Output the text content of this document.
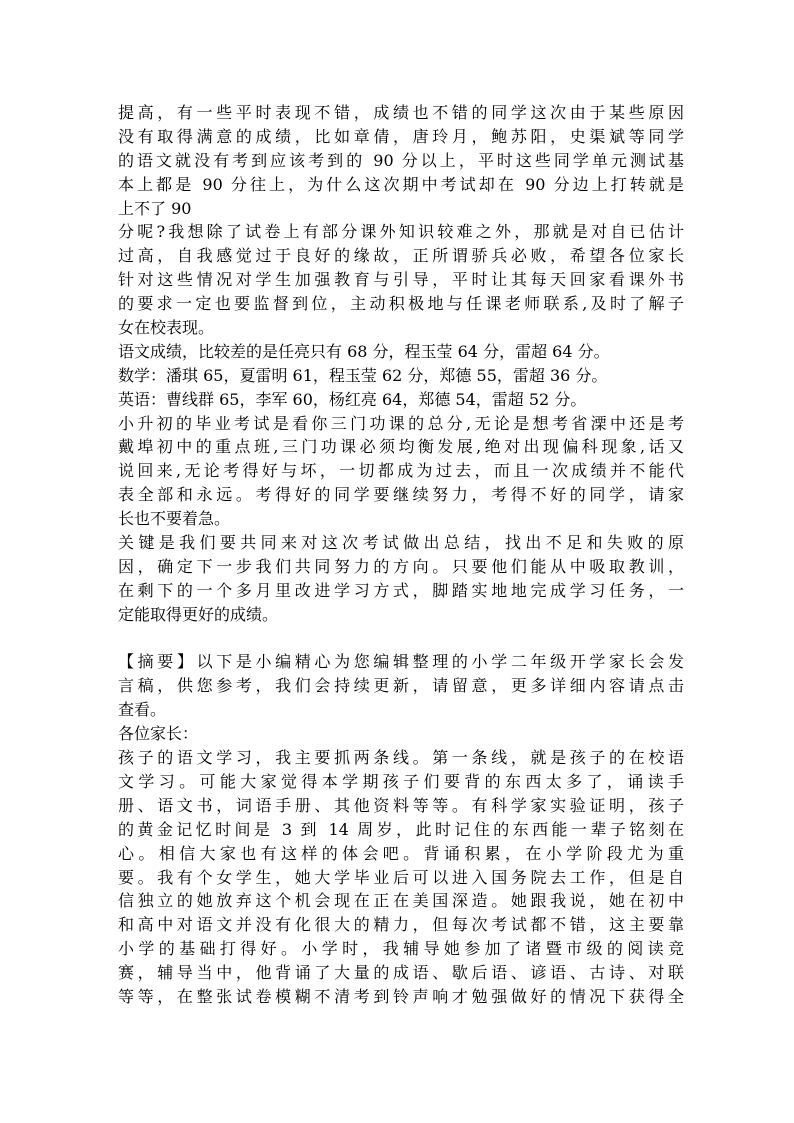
提高，有一些平时表现不错，成绩也不错的同学这次由于某些原因
没有取得满意的成绩，比如章倩，唐玲月，鲍苏阳，史渠斌等同学
的语文就没有考到应该考到的 90 分以上，平时这些同学单元测试基
本上都是 90 分往上，为什么这次期中考试却在 90 分边上打转就是
上不了 90
分呢?我想除了试卷上有部分课外知识较难之外，那就是对自已估计
过高，自我感觉过于良好的缘故，正所谓骄兵必败，希望各位家长
针对这些情况对学生加强教育与引导，平时让其每天回家看课外书
的要求一定也要监督到位，主动积极地与任课老师联系,及时了解子
女在校表现。
语文成绩，比较差的是任亮只有 68 分，程玉莹 64 分，雷超 64 分。
数学：潘琪 65，夏雷明 61，程玉莹 62 分，郑德 55，雷超 36 分。
英语：曹线群 65，李军 60，杨红亮 64，郑德 54，雷超 52 分。
小升初的毕业考试是看你三门功课的总分,无论是想考省溧中还是考
戴埠初中的重点班,三门功课必须均衡发展,绝对出现偏科现象,话又
说回来,无论考得好与坏，一切都成为过去，而且一次成绩并不能代
表全部和永远。考得好的同学要继续努力，考得不好的同学，请家
长也不要着急。
关键是我们要共同来对这次考试做出总结，找出不足和失败的原
因，确定下一步我们共同努力的方向。只要他们能从中吸取教训，
在剩下的一个多月里改进学习方式，脚踏实地地完成学习任务，一
定能取得更好的成绩。
【摘要】以下是小编精心为您编辑整理的小学二年级开学家长会发
言稿，供您参考，我们会持续更新，请留意，更多详细内容请点击
查看。
各位家长：
孩子的语文学习，我主要抓两条线。第一条线，就是孩子的在校语
文学习。可能大家觉得本学期孩子们要背的东西太多了，诵读手
册、语文书，词语手册、其他资料等等。有科学家实验证明，孩子
的黄金记忆时间是 3 到 14 周岁，此时记住的东西能一辈子铭刻在
心。相信大家也有这样的体会吧。背诵积累，在小学阶段尤为重
要。我有个女学生，她大学毕业后可以进入国务院去工作，但是自
信独立的她放弃这个机会现在正在美国深造。她跟我说，她在初中
和高中对语文并没有化很大的精力，但每次考试都不错，这主要靠
小学的基础打得好。小学时，我辅导她参加了诸暨市级的阅读竞
赛，辅导当中，他背诵了大量的成语、歇后语、谚语、古诗、对联
等等，在整张试卷模糊不清考到铃声响才勉强做好的情况下获得全
